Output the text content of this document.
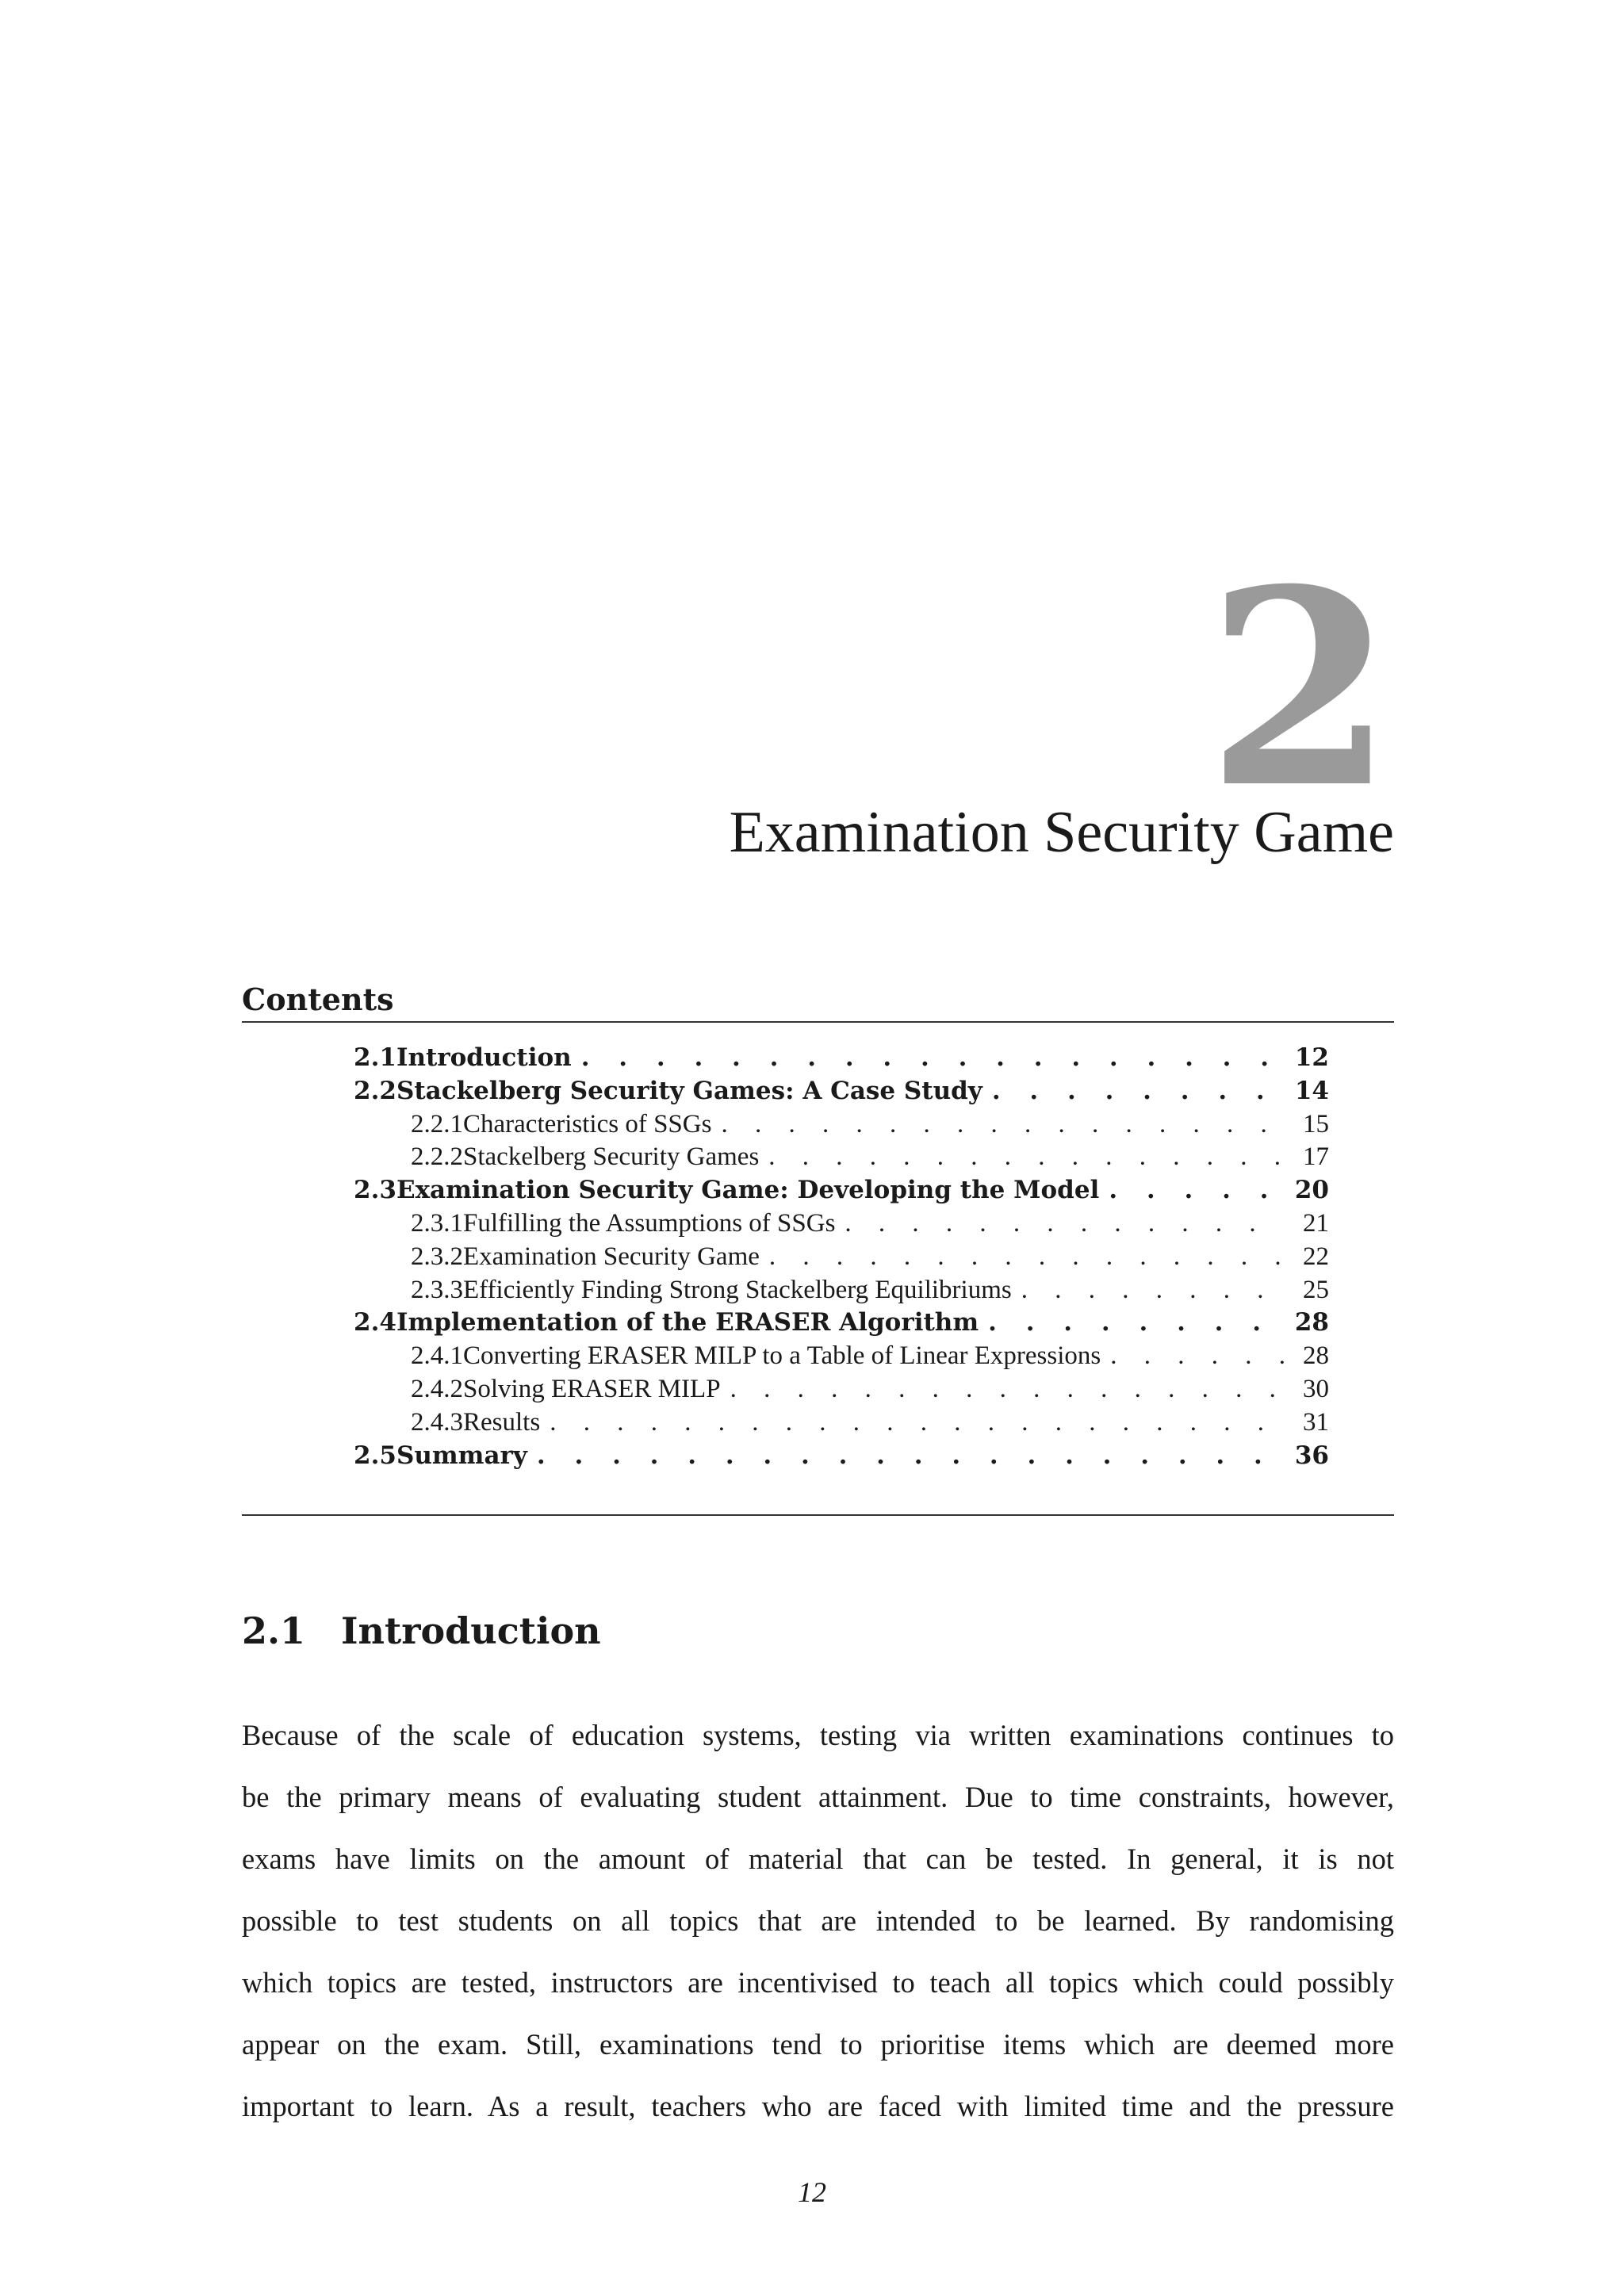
2
Examination Security Game
Contents
2.1 Introduction . . .	12
2.2 Stackelberg Security Games: A Case Study . . .	14
2.2.1 Characteristics of SSGs . . .	15
2.2.2 Stackelberg Security Games . . .	17
2.3 Examination Security Game: Developing the Model . . .	20
2.3.1 Fulfilling the Assumptions of SSGs . . .	21
2.3.2 Examination Security Game . . .	22
2.3.3 Efficiently Finding Strong Stackelberg Equilibriums . . .	25
2.4 Implementation of the ERASER Algorithm . . .	28
2.4.1 Converting ERASER MILP to a Table of Linear Expressions . . .	28
2.4.2 Solving ERASER MILP . . .	30
2.4.3 Results . . .	31
2.5 Summary . . .	36
2.1 Introduction
Because of the scale of education systems, testing via written examinations continues to
be the primary means of evaluating student attainment. Due to time constraints, however,
exams have limits on the amount of material that can be tested. In general, it is not
possible to test students on all topics that are intended to be learned. By randomising
which topics are tested, instructors are incentivised to teach all topics which could possibly
appear on the exam. Still, examinations tend to prioritise items which are deemed more
important to learn. As a result, teachers who are faced with limited time and the pressure
12
